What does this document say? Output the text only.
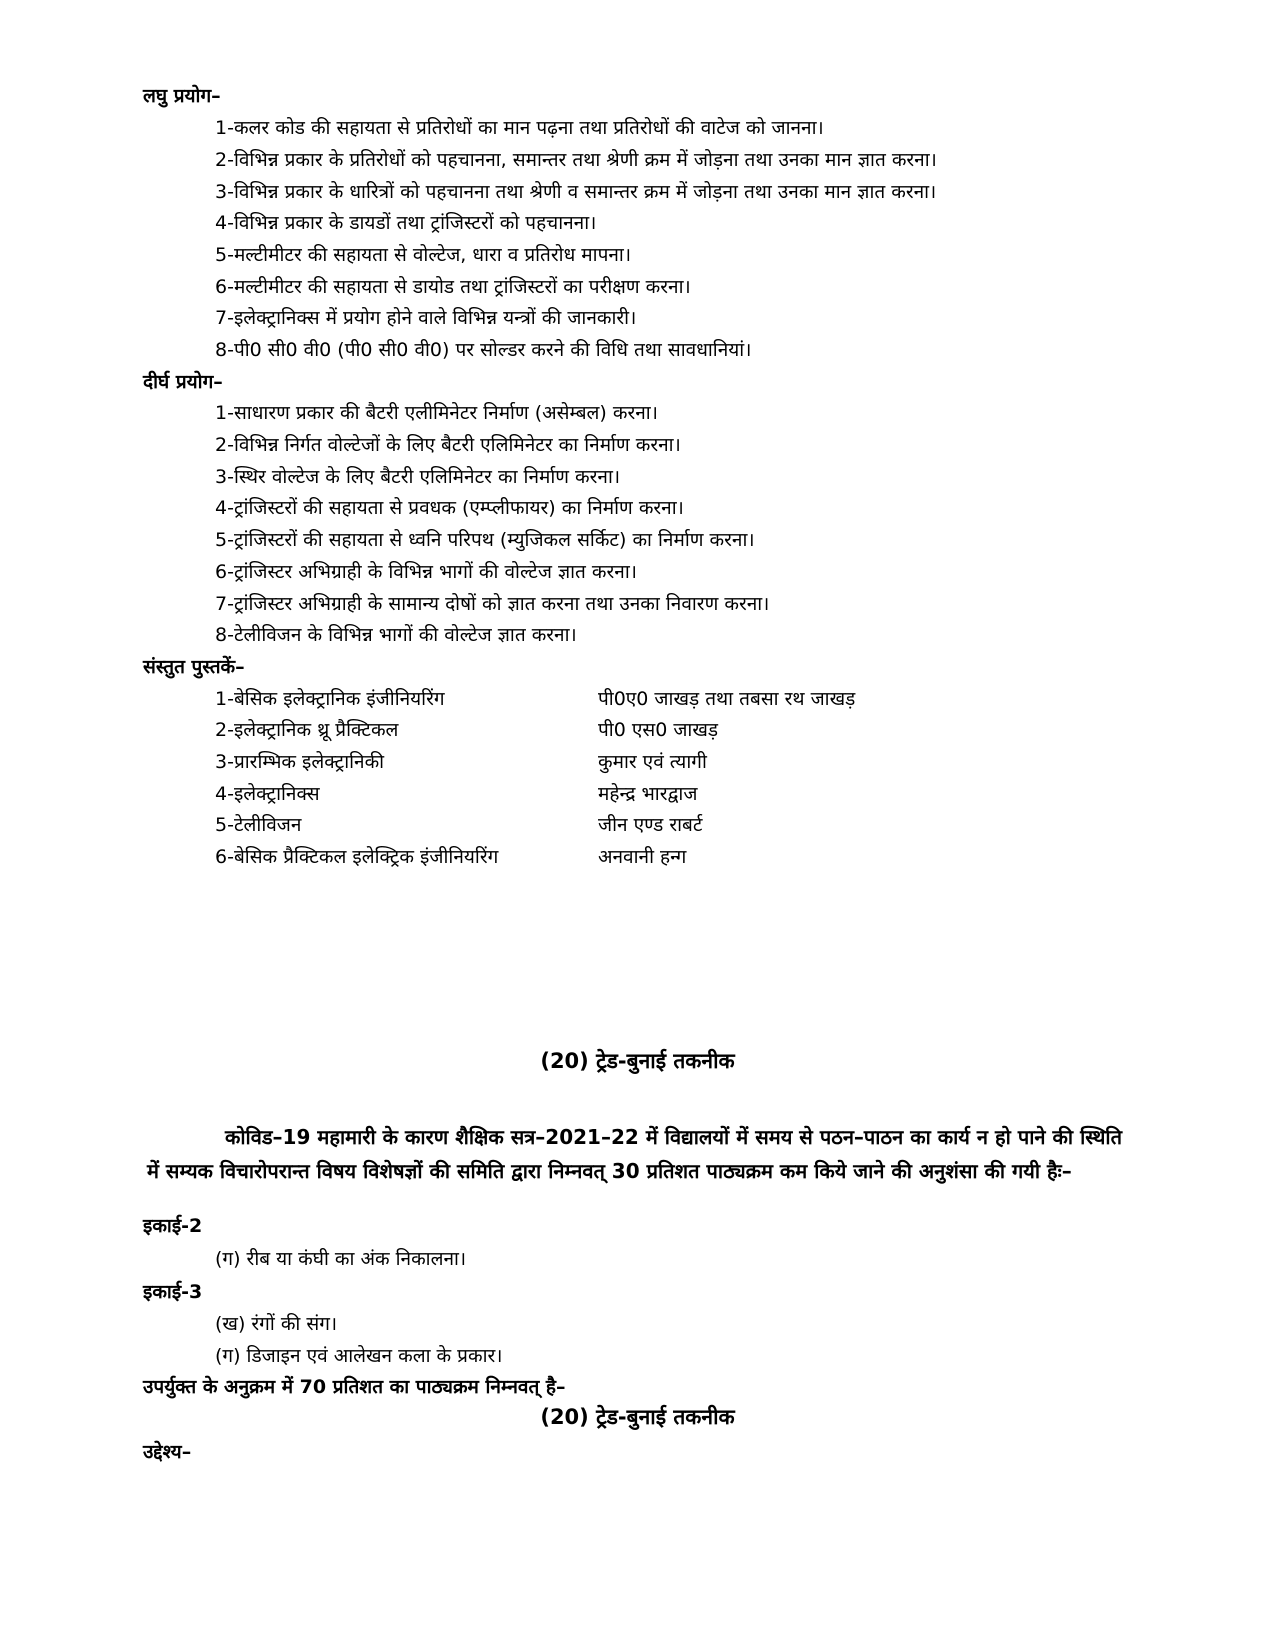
लघु प्रयोग–
1-कलर कोड की सहायता से प्रतिरोधों का मान पढ़ना तथा प्रतिरोधों की वाटेज को जानना।
2-विभिन्न प्रकार के प्रतिरोधों को पहचानना, समान्तर तथा श्रेणी क्रम में जोड़ना तथा उनका मान ज्ञात करना।
3-विभिन्न प्रकार के धारित्रों को पहचानना तथा श्रेणी व समान्तर क्रम में जोड़ना तथा उनका मान ज्ञात करना।
4-विभिन्न प्रकार के डायडों तथा ट्रांजिस्टरों को पहचानना।
5-मल्टीमीटर की सहायता से वोल्टेज, धारा व प्रतिरोध मापना।
6-मल्टीमीटर की सहायता से डायोड तथा ट्रांजिस्टरों का परीक्षण करना।
7-इलेक्ट्रानिक्स में प्रयोग होने वाले विभिन्न यन्त्रों की जानकारी।
8-पी0 सी0 वी0 (पी0 सी0 वी0) पर सोल्डर करने की विधि तथा सावधानियां।
दीर्घ प्रयोग–
1-साधारण प्रकार की बैटरी एलीमिनेटर निर्माण (असेम्बल) करना।
2-विभिन्न निर्गत वोल्टेजों के लिए बैटरी एलिमिनेटर का निर्माण करना।
3-स्थिर वोल्टेज के लिए बैटरी एलिमिनेटर का निर्माण करना।
4-ट्रांजिस्टरों की सहायता से प्रवधक (एम्प्लीफायर) का निर्माण करना।
5-ट्रांजिस्टरों की सहायता से ध्वनि परिपथ (म्युजिकल सर्किट) का निर्माण करना।
6-ट्रांजिस्टर अभिग्राही के विभिन्न भागों की वोल्टेज ज्ञात करना।
7-ट्रांजिस्टर अभिग्राही के सामान्य दोषों को ज्ञात करना तथा उनका निवारण करना।
8-टेलीविजन के विभिन्न भागों की वोल्टेज ज्ञात करना।
संस्तुत पुस्तकें–
1-बेसिक इलेक्ट्रानिक इंजीनियरिंग	पी0ए0 जाखड़ तथा तबसा रथ जाखड़
2-इलेक्ट्रानिक थ्रू प्रैक्टिकल	पी0 एस0 जाखड़
3-प्रारम्भिक इलेक्ट्रानिकी	कुमार एवं त्यागी
4-इलेक्ट्रानिक्स	महेन्द्र भारद्वाज
5-टेलीविजन	जीन एण्ड राबर्ट
6-बेसिक प्रैक्टिकल इलेक्ट्रिक इंजीनियरिंग	अनवानी हन्ग
(20) ट्रेड-बुनाई तकनीक
कोविड–19 महामारी के कारण शैक्षिक सत्र–2021–22 में विद्यालयों में समय से पठन–पाठन का कार्य न हो पाने की स्थिति में सम्यक विचारोपरान्त विषय विशेषज्ञों की समिति द्वारा निम्नवत् 30 प्रतिशत पाठ्यक्रम कम किये जाने की अनुशंसा की गयी हैः–
इकाई-2
(ग) रीब या कंघी का अंक निकालना।
इकाई-3
(ख) रंगों की संग।
(ग) डिजाइन एवं आलेखन कला के प्रकार।
उपर्युक्त के अनुक्रम में 70 प्रतिशत का पाठ्यक्रम निम्नवत् है–
(20) ट्रेड-बुनाई तकनीक
उद्देश्य–
